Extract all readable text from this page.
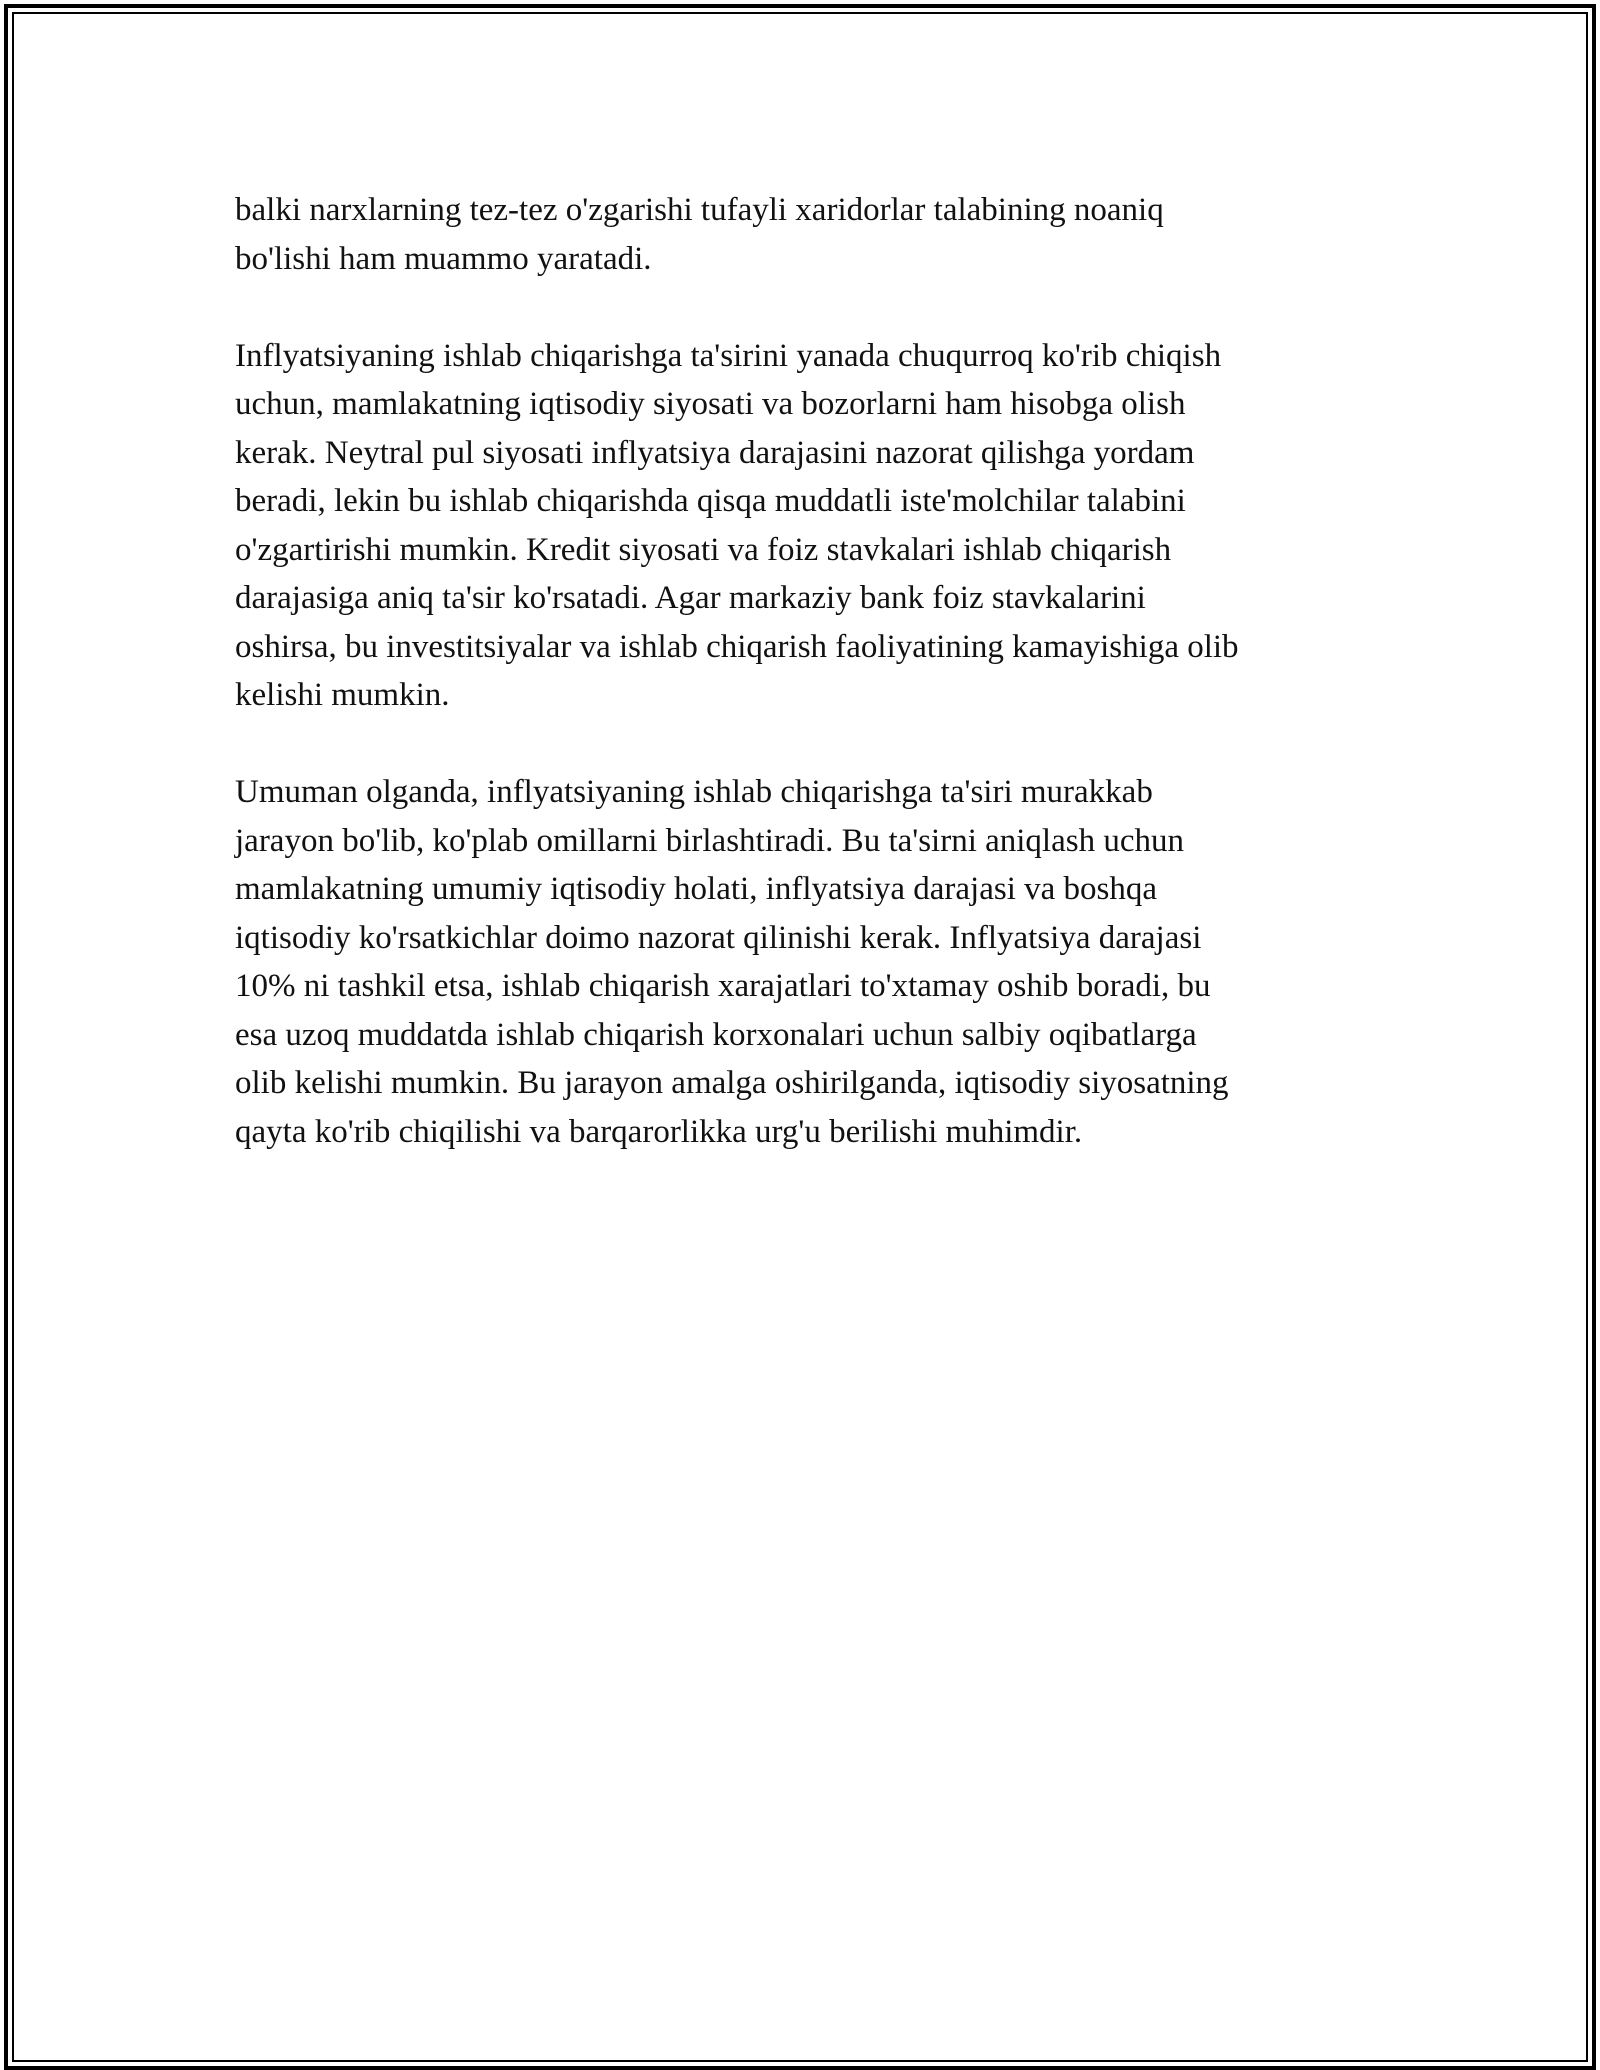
balki narxlarning tez-tez o'zgarishi tufayli xaridorlar talabining noaniq
bo'lishi ham muammo yaratadi.

Inflyatsiyaning ishlab chiqarishga ta'sirini yanada chuqurroq ko'rib chiqish
uchun, mamlakatning iqtisodiy siyosati va bozorlarni ham hisobga olish
kerak. Neytral pul siyosati inflyatsiya darajasini nazorat qilishga yordam
beradi, lekin bu ishlab chiqarishda qisqa muddatli iste'molchilar talabini
o'zgartirishi mumkin. Kredit siyosati va foiz stavkalari ishlab chiqarish
darajasiga aniq ta'sir ko'rsatadi. Agar markaziy bank foiz stavkalarini
oshirsa, bu investitsiyalar va ishlab chiqarish faoliyatining kamayishiga olib
kelishi mumkin.

Umuman olganda, inflyatsiyaning ishlab chiqarishga ta'siri murakkab
jarayon bo'lib, ko'plab omillarni birlashtiradi. Bu ta'sirni aniqlash uchun
mamlakatning umumiy iqtisodiy holati, inflyatsiya darajasi va boshqa
iqtisodiy ko'rsatkichlar doimo nazorat qilinishi kerak. Inflyatsiya darajasi
10% ni tashkil etsa, ishlab chiqarish xarajatlari to'xtamay oshib boradi, bu
esa uzoq muddatda ishlab chiqarish korxonalari uchun salbiy oqibatlarga
olib kelishi mumkin. Bu jarayon amalga oshirilganda, iqtisodiy siyosatning
qayta ko'rib chiqilishi va barqarorlikka urg'u berilishi muhimdir.
